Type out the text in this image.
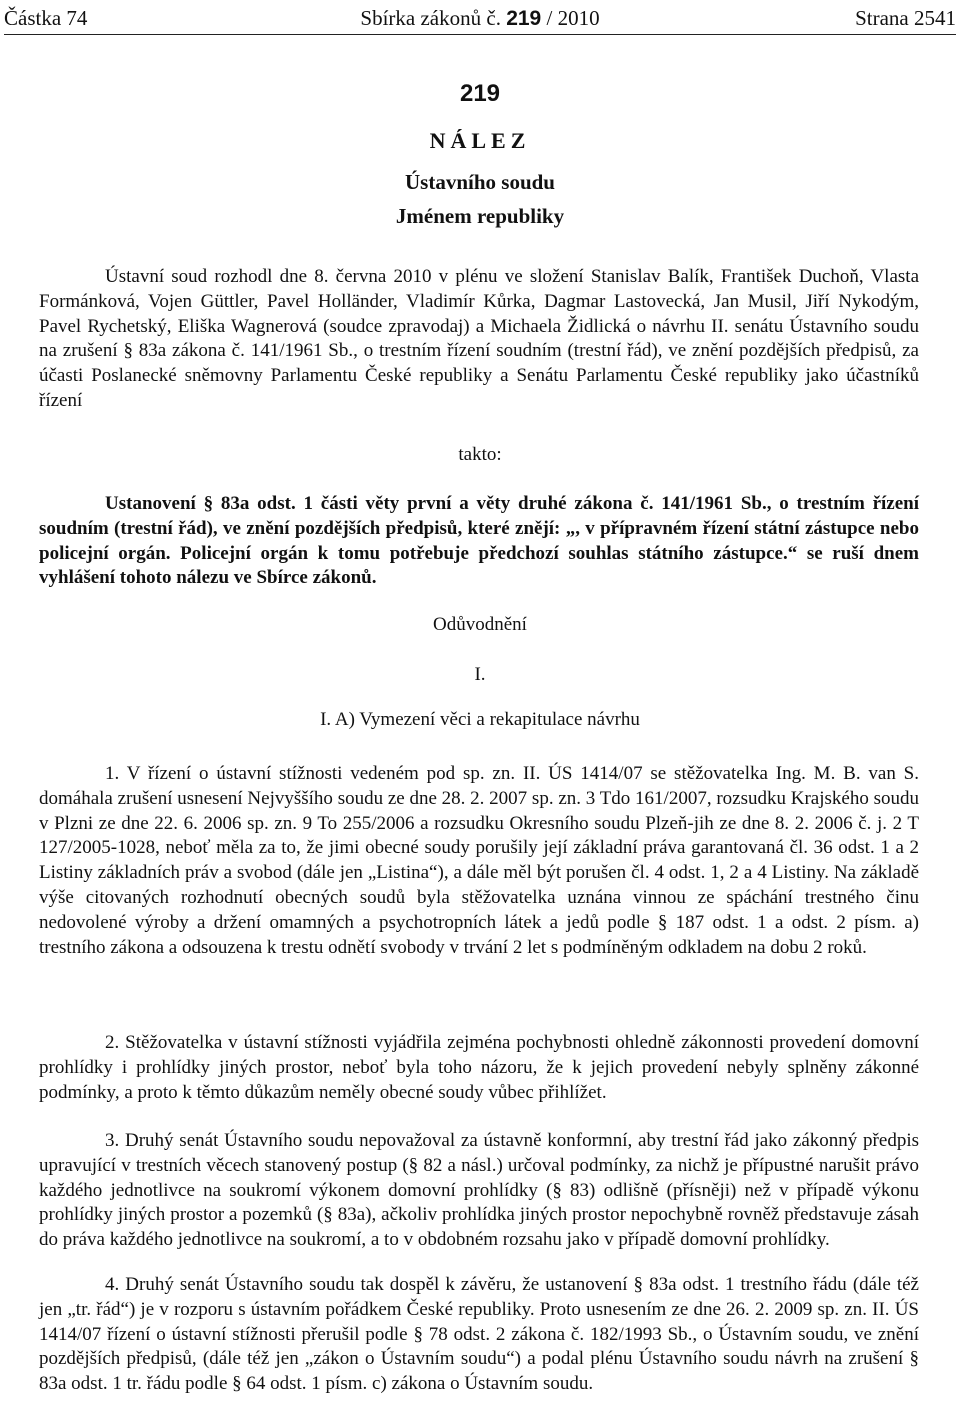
Částka 74	Sbírka zákonů č. 219 / 2010	Strana 2541
219
NÁLEZ
Ústavního soudu
Jménem republiky

Ústavní soud rozhodl dne 8. června 2010 v plénu ve složení Stanislav Balík, František Duchoň, Vlasta Formánková, Vojen Güttler, Pavel Holländer, Vladimír Kůrka, Dagmar Lastovecká, Jan Musil, Jiří Nykodým, Pavel Rychetský, Eliška Wagnerová (soudce zpravodaj) a Michaela Židlická o návrhu II. senátu Ústavního soudu na zrušení § 83a zákona č. 141/1961 Sb., o trestním řízení soudním (trestní řád), ve znění pozdějších předpisů, za účasti Poslanecké sněmovny Parlamentu České republiky a Senátu Parlamentu České republiky jako účastníků řízení

takto:

Ustanovení § 83a odst. 1 části věty první a věty druhé zákona č. 141/1961 Sb., o trestním řízení soudním (trestní řád), ve znění pozdějších předpisů, které znějí: „, v přípravném řízení státní zástupce nebo policejní orgán. Policejní orgán k tomu potřebuje předchozí souhlas státního zástupce.“ se ruší dnem vyhlášení tohoto nálezu ve Sbírce zákonů.

Odůvodnění
I.
I. A) Vymezení věci a rekapitulace návrhu

1. V řízení o ústavní stížnosti vedeném pod sp. zn. II. ÚS 1414/07 se stěžovatelka Ing. M. B. van S. domáhala zrušení usnesení Nejvyššího soudu ze dne 28. 2. 2007 sp. zn. 3 Tdo 161/2007, rozsudku Krajského soudu v Plzni ze dne 22. 6. 2006 sp. zn. 9 To 255/2006 a rozsudku Okresního soudu Plzeň-jih ze dne 8. 2. 2006 č. j. 2 T 127/2005-1028, neboť měla za to, že jimi obecné soudy porušily její základní práva garantovaná čl. 36 odst. 1 a 2 Listiny základních práv a svobod (dále jen „Listina“), a dále měl být porušen čl. 4 odst. 1, 2 a 4 Listiny. Na základě výše citovaných rozhodnutí obecných soudů byla stěžovatelka uznána vinnou ze spáchání trestného činu nedovolené výroby a držení omamných a psychotropních látek a jedů podle § 187 odst. 1 a odst. 2 písm. a) trestního zákona a odsouzena k trestu odnětí svobody v trvání 2 let s podmíněným odkladem na dobu 2 roků.

2. Stěžovatelka v ústavní stížnosti vyjádřila zejména pochybnosti ohledně zákonnosti provedení domovní prohlídky i prohlídky jiných prostor, neboť byla toho názoru, že k jejich provedení nebyly splněny zákonné podmínky, a proto k těmto důkazům neměly obecné soudy vůbec přihlížet.

3. Druhý senát Ústavního soudu nepovažoval za ústavně konformní, aby trestní řád jako zákonný předpis upravující v trestních věcech stanovený postup (§ 82 a násl.) určoval podmínky, za nichž je přípustné narušit právo každého jednotlivce na soukromí výkonem domovní prohlídky (§ 83) odlišně (přísněji) než v případě výkonu prohlídky jiných prostor a pozemků (§ 83a), ačkoliv prohlídka jiných prostor nepochybně rovněž představuje zásah do práva každého jednotlivce na soukromí, a to v obdobném rozsahu jako v případě domovní prohlídky.

4. Druhý senát Ústavního soudu tak dospěl k závěru, že ustanovení § 83a odst. 1 trestního řádu (dále též jen „tr. řád“) je v rozporu s ústavním pořádkem České republiky. Proto usnesením ze dne 26. 2. 2009 sp. zn. II. ÚS 1414/07 řízení o ústavní stížnosti přerušil podle § 78 odst. 2 zákona č. 182/1993 Sb., o Ústavním soudu, ve znění pozdějších předpisů, (dále též jen „zákon o Ústavním soudu“) a podal plénu Ústavního soudu návrh na zrušení § 83a odst. 1 tr. řádu podle § 64 odst. 1 písm. c) zákona o Ústavním soudu.
